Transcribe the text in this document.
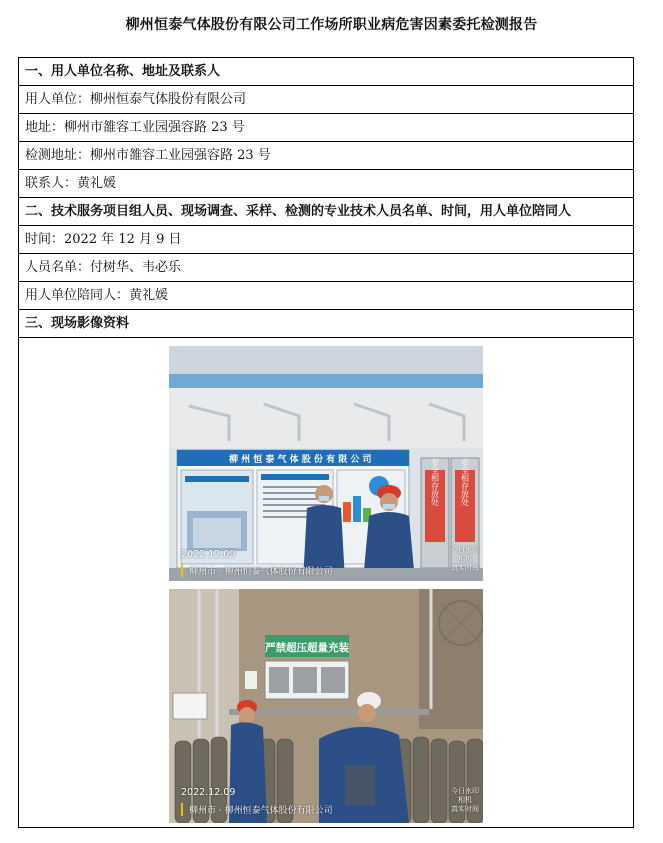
柳州恒泰气体股份有限公司工作场所职业病危害因素委托检测报告
一、用人单位名称、地址及联系人
用人单位：柳州恒泰气体股份有限公司
地址：柳州市雒容工业园强容路 23 号
检测地址：柳州市雒容工业园强容路 23 号
联系人：黄礼媛
二、技术服务项目组人员、现场调查、采样、检测的专业技术人员名单、时间，用人单位陪同人
时间：2022 年 12 月 9 日
人员名单：付树华、韦必乐
用人单位陪同人：黄礼媛
三、现场影像资料
柳 州 恒 泰 气 体 股 份 有 限 公 司	安全相存放处	安全相存放处
2022.12.09
柳州市 · 柳州恒泰气体股份有限公司
今日水印
相机
真实时间
严禁超压超量充装
2022.12.09
柳州市 · 柳州恒泰气体股份有限公司
今日水印
相机
真实时间
